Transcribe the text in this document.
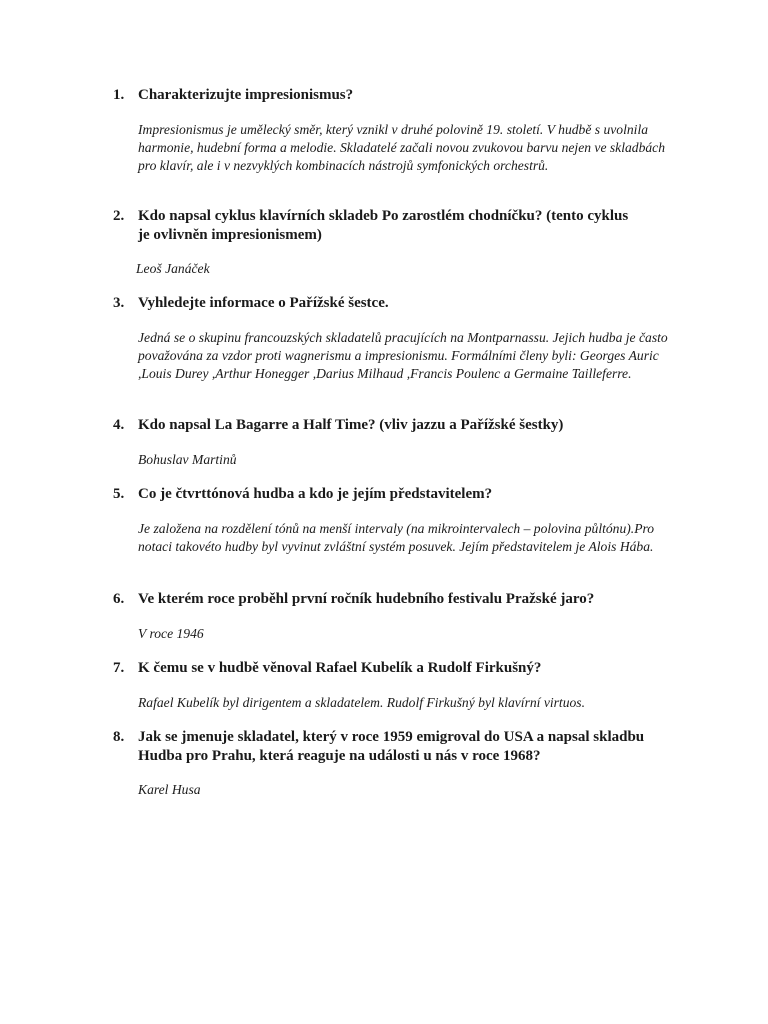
1. Charakterizujte impresionismus?

Impresionismus je umělecký směr, který vznikl v druhé polovině 19. století. V hudbě s uvolnila harmonie, hudební forma a melodie. Skladatelé začali novou zvukovou barvu nejen ve skladbách pro klavír, ale i v nezvyklých kombinacích nástrojů symfonických orchestrů.

2. Kdo napsal cyklus klavírních skladeb Po zarostlém chodníčku? (tento cyklus je ovlivněn impresionismem)

Leoš Janáček

3. Vyhledejte informace o Pařížské šestce.

Jedná se o skupinu francouzských skladatelů pracujících na Montparnassu. Jejich hudba je často považována za vzdor proti wagnerismu a impresionismu. Formálními členy byli: Georges Auric ,Louis Durey ,Arthur Honegger ,Darius Milhaud ,Francis Poulenc a Germaine Tailleferre.

4. Kdo napsal La Bagarre a Half Time? (vliv jazzu a Pařížské šestky)

Bohuslav Martinů

5. Co je čtvrttónová hudba a kdo je jejím představitelem?

Je založena na rozdělení tónů na menší intervaly (na mikrointervalech – polovina půltónu).Pro notaci takovéto hudby byl vyvinut zvláštní systém posuvek. Jejím představitelem je Alois Hába.

6. Ve kterém roce proběhl první ročník hudebního festivalu Pražské jaro?

V roce 1946

7. K čemu se v hudbě věnoval Rafael Kubelík a Rudolf Firkušný?

Rafael Kubelík byl dirigentem a skladatelem. Rudolf Firkušný byl klavírní virtuos.

8. Jak se jmenuje skladatel, který v roce 1959 emigroval do USA a napsal skladbu Hudba pro Prahu, která reaguje na události u nás v roce 1968?

Karel Husa
